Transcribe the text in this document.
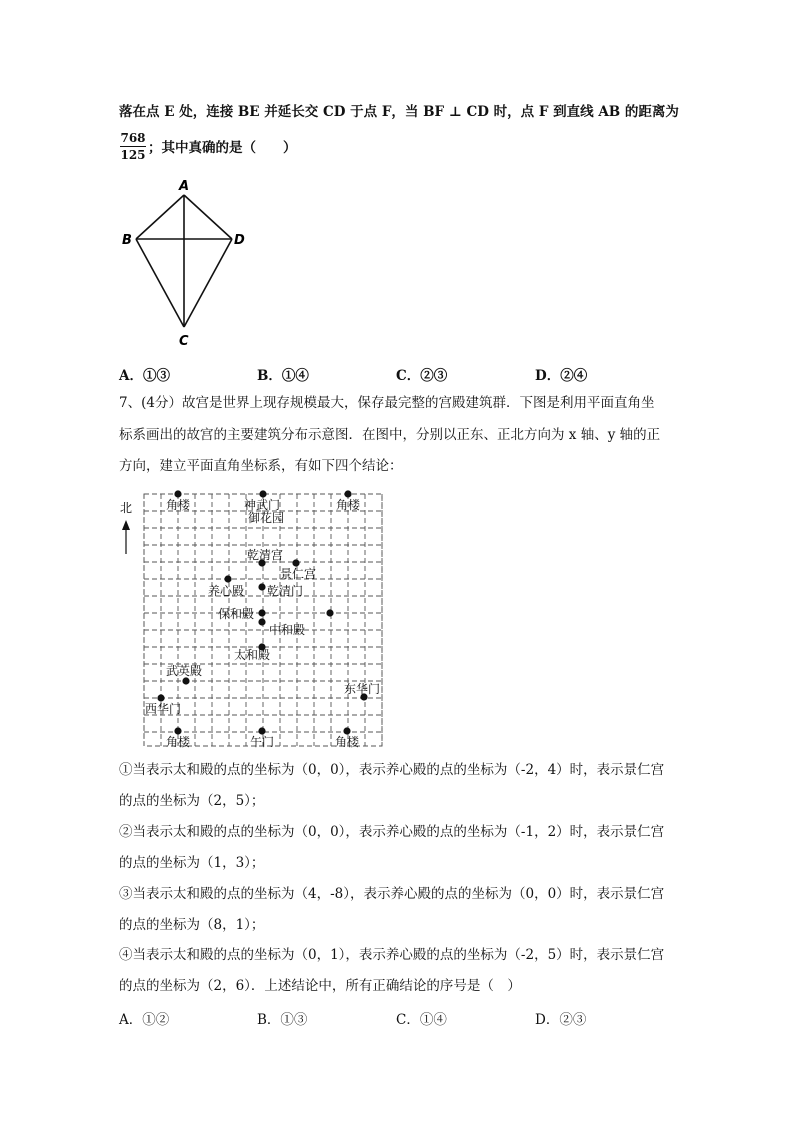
落在点 E 处，连接 BE 并延长交 CD 于点 F，当 BF ⊥ CD 时，点 F 到直线 AB 的距离为
$\frac{768}{125}$ ；其中真确的是（　　）
A
B	D
C
A．①③	B．①④	C．②③	D．②④
7、(4分）故宫是世界上现存规模最大，保存最完整的宫殿建筑群．下图是利用平面直角坐
标系画出的故宫的主要建筑分布示意图．在图中，分别以正东、正北方向为 x 轴、y 轴的正
方向，建立平面直角坐标系，有如下四个结论：
北	角楼	神武门	角楼
御花园
乾清宫
景仁宫
养心殿 乾清门
保和殿
中和殿
太和殿
武英殿
东华门
西华门
角楼	午门	角楼
①当表示太和殿的点的坐标为（0，0），表示养心殿的点的坐标为（-2，4）时，表示景仁宫
的点的坐标为（2，5）；
②当表示太和殿的点的坐标为（0，0），表示养心殿的点的坐标为（-1，2）时，表示景仁宫
的点的坐标为（1，3）；
③当表示太和殿的点的坐标为（4，-8），表示养心殿的点的坐标为（0，0）时，表示景仁宫
的点的坐标为（8，1）；
④当表示太和殿的点的坐标为（0，1），表示养心殿的点的坐标为（-2，5）时，表示景仁宫
的点的坐标为（2，6）．上述结论中，所有正确结论的序号是（　）
A．①②	B．①③	C．①④	D．②③
